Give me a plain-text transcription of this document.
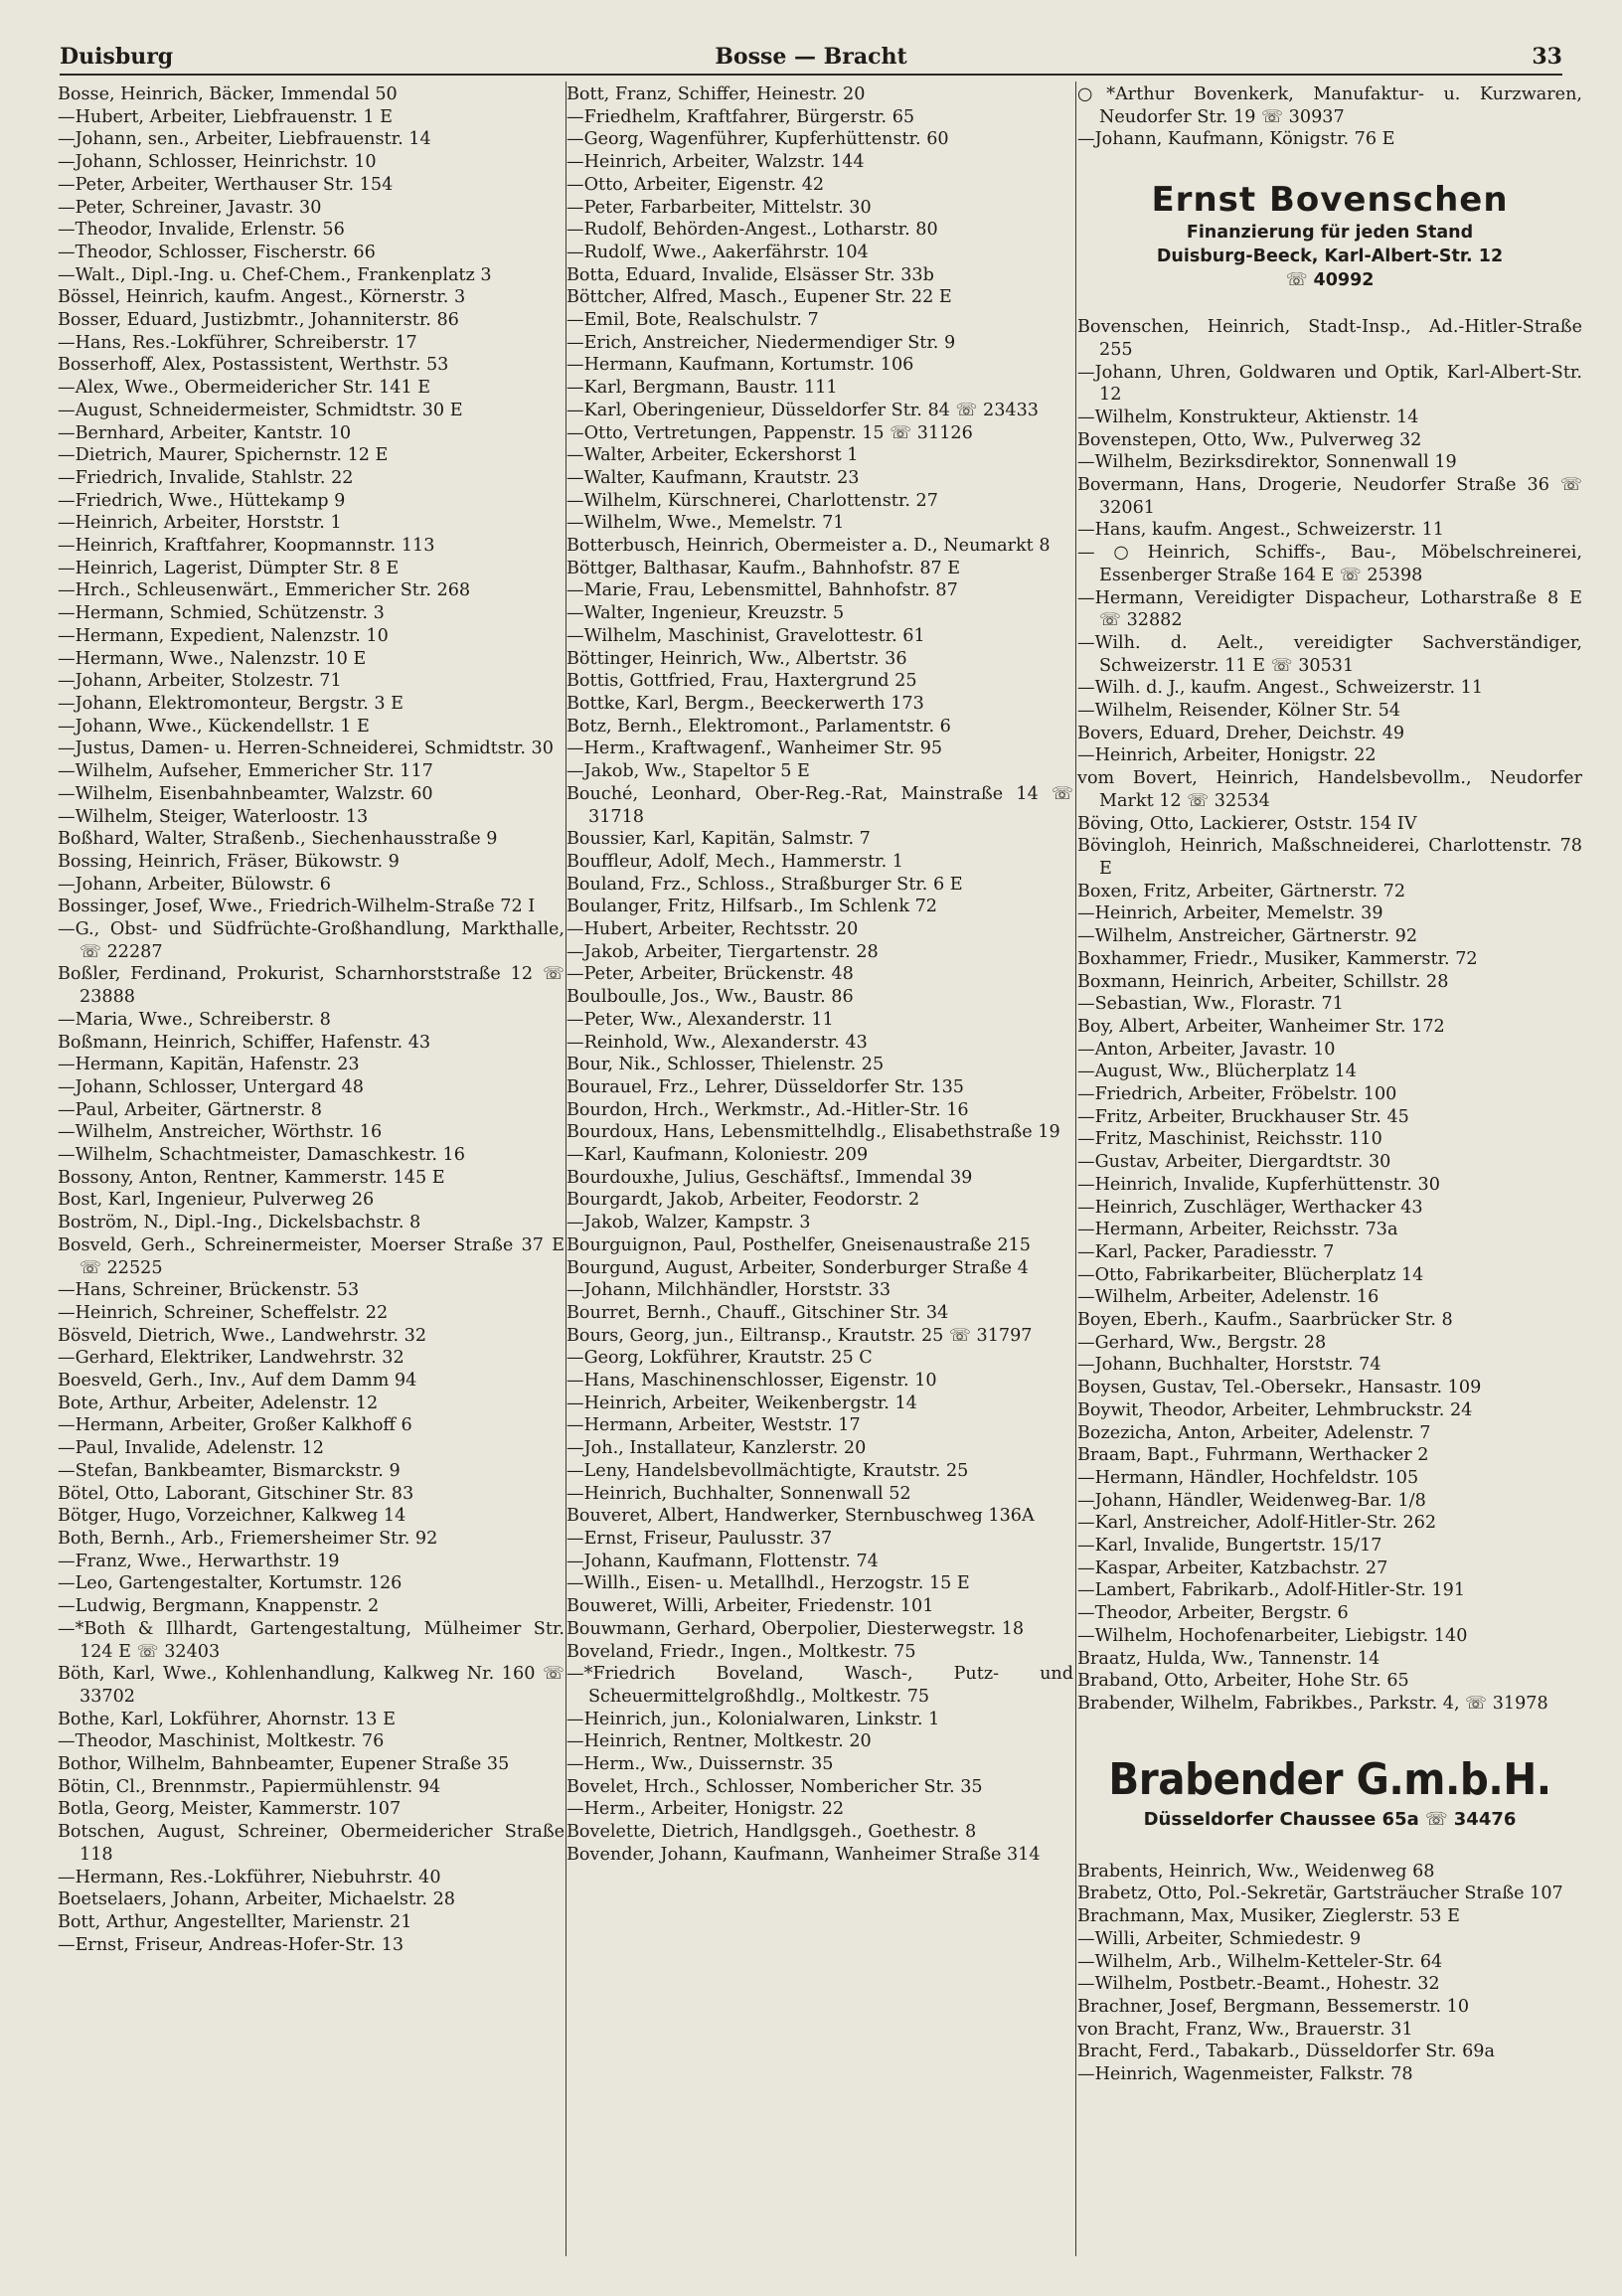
Duisburg	Bosse — Bracht	33
Bosse, Heinrich, Bäcker, Immendal 50
—Hubert, Arbeiter, Liebfrauenstr. 1 E
—Johann, sen., Arbeiter, Liebfrauenstr. 14
—Johann, Schlosser, Heinrichstr. 10
—Peter, Arbeiter, Werthauser Str. 154
—Peter, Schreiner, Javastr. 30
—Theodor, Invalide, Erlenstr. 56
—Theodor, Schlosser, Fischerstr. 66
—Walt., Dipl.-Ing. u. Chef-Chem., Frankenplatz 3
Bössel, Heinrich, kaufm. Angest., Körnerstr. 3
Bosser, Eduard, Justizbmtr., Johanniterstr. 86
—Hans, Res.-Lokführer, Schreiberstr. 17
Bosserhoff, Alex, Postassistent, Werthstr. 53
—Alex, Wwe., Obermeidericher Str. 141 E
—August, Schneidermeister, Schmidtstr. 30 E
—Bernhard, Arbeiter, Kantstr. 10
—Dietrich, Maurer, Spichernstr. 12 E
—Friedrich, Invalide, Stahlstr. 22
—Friedrich, Wwe., Hüttekamp 9
—Heinrich, Arbeiter, Horststr. 1
—Heinrich, Kraftfahrer, Koopmannstr. 113
—Heinrich, Lagerist, Dümpter Str. 8 E
—Hrch., Schleusenwärt., Emmericher Str. 268
—Hermann, Schmied, Schützenstr. 3
—Hermann, Expedient, Nalenzstr. 10
—Hermann, Wwe., Nalenzstr. 10 E
—Johann, Arbeiter, Stolzestr. 71
—Johann, Elektromonteur, Bergstr. 3 E
—Johann, Wwe., Kückendellstr. 1 E
—Justus, Damen- u. Herren-Schneiderei, Schmidtstr. 30
—Wilhelm, Aufseher, Emmericher Str. 117
—Wilhelm, Eisenbahnbeamter, Walzstr. 60
—Wilhelm, Steiger, Waterloostr. 13
Boßhard, Walter, Straßenb., Siechenhausstraße 9
Bossing, Heinrich, Fräser, Bükowstr. 9
—Johann, Arbeiter, Bülowstr. 6
Bossinger, Josef, Wwe., Friedrich-Wilhelm-Straße 72 I
—G., Obst- und Südfrüchte-Großhandlung, Markthalle, ☏ 22287
Boßler, Ferdinand, Prokurist, Scharnhorststraße 12 ☏ 23888
—Maria, Wwe., Schreiberstr. 8
Boßmann, Heinrich, Schiffer, Hafenstr. 43
—Hermann, Kapitän, Hafenstr. 23
—Johann, Schlosser, Untergard 48
—Paul, Arbeiter, Gärtnerstr. 8
—Wilhelm, Anstreicher, Wörthstr. 16
—Wilhelm, Schachtmeister, Damaschkestr. 16
Bossony, Anton, Rentner, Kammerstr. 145 E
Bost, Karl, Ingenieur, Pulverweg 26
Boström, N., Dipl.-Ing., Dickelsbachstr. 8
Bosveld, Gerh., Schreinermeister, Moerser Straße 37 E ☏ 22525
—Hans, Schreiner, Brückenstr. 53
—Heinrich, Schreiner, Scheffelstr. 22
Bösveld, Dietrich, Wwe., Landwehrstr. 32
—Gerhard, Elektriker, Landwehrstr. 32
Boesveld, Gerh., Inv., Auf dem Damm 94
Bote, Arthur, Arbeiter, Adelenstr. 12
—Hermann, Arbeiter, Großer Kalkhoff 6
—Paul, Invalide, Adelenstr. 12
—Stefan, Bankbeamter, Bismarckstr. 9
Bötel, Otto, Laborant, Gitschiner Str. 83
Bötger, Hugo, Vorzeichner, Kalkweg 14
Both, Bernh., Arb., Friemersheimer Str. 92
—Franz, Wwe., Herwarthstr. 19
—Leo, Gartengestalter, Kortumstr. 126
—Ludwig, Bergmann, Knappenstr. 2
—*Both & Illhardt, Gartengestaltung, Mülheimer Str. 124 E ☏ 32403
Böth, Karl, Wwe., Kohlenhandlung, Kalkweg Nr. 160 ☏ 33702
Bothe, Karl, Lokführer, Ahornstr. 13 E
—Theodor, Maschinist, Moltkestr. 76
Bothor, Wilhelm, Bahnbeamter, Eupener Straße 35
Bötin, Cl., Brennmstr., Papiermühlenstr. 94
Botla, Georg, Meister, Kammerstr. 107
Botschen, August, Schreiner, Obermeidericher Straße 118
—Hermann, Res.-Lokführer, Niebuhrstr. 40
Boetselaers, Johann, Arbeiter, Michaelstr. 28
Bott, Arthur, Angestellter, Marienstr. 21
—Ernst, Friseur, Andreas-Hofer-Str. 13
Bott, Franz, Schiffer, Heinestr. 20
—Friedhelm, Kraftfahrer, Bürgerstr. 65
—Georg, Wagenführer, Kupferhüttenstr. 60
—Heinrich, Arbeiter, Walzstr. 144
—Otto, Arbeiter, Eigenstr. 42
—Peter, Farbarbeiter, Mittelstr. 30
—Rudolf, Behörden-Angest., Lotharstr. 80
—Rudolf, Wwe., Aakerfährstr. 104
Botta, Eduard, Invalide, Elsässer Str. 33b
Böttcher, Alfred, Masch., Eupener Str. 22 E
—Emil, Bote, Realschulstr. 7
—Erich, Anstreicher, Niedermendiger Str. 9
—Hermann, Kaufmann, Kortumstr. 106
—Karl, Bergmann, Baustr. 111
—Karl, Oberingenieur, Düsseldorfer Str. 84 ☏ 23433
—Otto, Vertretungen, Pappenstr. 15 ☏ 31126
—Walter, Arbeiter, Eckershorst 1
—Walter, Kaufmann, Krautstr. 23
—Wilhelm, Kürschnerei, Charlottenstr. 27
—Wilhelm, Wwe., Memelstr. 71
Botterbusch, Heinrich, Obermeister a. D., Neumarkt 8
Böttger, Balthasar, Kaufm., Bahnhofstr. 87 E
—Marie, Frau, Lebensmittel, Bahnhofstr. 87
—Walter, Ingenieur, Kreuzstr. 5
—Wilhelm, Maschinist, Gravelottestr. 61
Böttinger, Heinrich, Ww., Albertstr. 36
Bottis, Gottfried, Frau, Haxtergrund 25
Bottke, Karl, Bergm., Beeckerwerth 173
Botz, Bernh., Elektromont., Parlamentstr. 6
—Herm., Kraftwagenf., Wanheimer Str. 95
—Jakob, Ww., Stapeltor 5 E
Bouché, Leonhard, Ober-Reg.-Rat, Mainstraße 14 ☏ 31718
Boussier, Karl, Kapitän, Salmstr. 7
Bouffleur, Adolf, Mech., Hammerstr. 1
Bouland, Frz., Schloss., Straßburger Str. 6 E
Boulanger, Fritz, Hilfsarb., Im Schlenk 72
—Hubert, Arbeiter, Rechtsstr. 20
—Jakob, Arbeiter, Tiergartenstr. 28
—Peter, Arbeiter, Brückenstr. 48
Boulboulle, Jos., Ww., Baustr. 86
—Peter, Ww., Alexanderstr. 11
—Reinhold, Ww., Alexanderstr. 43
Bour, Nik., Schlosser, Thielenstr. 25
Bourauel, Frz., Lehrer, Düsseldorfer Str. 135
Bourdon, Hrch., Werkmstr., Ad.-Hitler-Str. 16
Bourdoux, Hans, Lebensmittelhdlg., Elisabethstraße 19
—Karl, Kaufmann, Koloniestr. 209
Bourdouxhe, Julius, Geschäftsf., Immendal 39
Bourgardt, Jakob, Arbeiter, Feodorstr. 2
—Jakob, Walzer, Kampstr. 3
Bourguignon, Paul, Posthelfer, Gneisenaustraße 215
Bourgund, August, Arbeiter, Sonderburger Straße 4
—Johann, Milchhändler, Horststr. 33
Bourret, Bernh., Chauff., Gitschiner Str. 34
Bours, Georg, jun., Eiltransp., Krautstr. 25 ☏ 31797
—Georg, Lokführer, Krautstr. 25 C
—Hans, Maschinenschlosser, Eigenstr. 10
—Heinrich, Arbeiter, Weikenbergstr. 14
—Hermann, Arbeiter, Weststr. 17
—Joh., Installateur, Kanzlerstr. 20
—Leny, Handelsbevollmächtigte, Krautstr. 25
—Heinrich, Buchhalter, Sonnenwall 52
Bouveret, Albert, Handwerker, Sternbuschweg 136A
—Ernst, Friseur, Paulusstr. 37
—Johann, Kaufmann, Flottenstr. 74
—Willh., Eisen- u. Metallhdl., Herzogstr. 15 E
Bouweret, Willi, Arbeiter, Friedenstr. 101
Bouwmann, Gerhard, Oberpolier, Diesterwegstr. 18
Boveland, Friedr., Ingen., Moltkestr. 75
—*Friedrich Boveland, Wasch-, Putz- und Scheuermittelgroßhdlg., Moltkestr. 75
—Heinrich, jun., Kolonialwaren, Linkstr. 1
—Heinrich, Rentner, Moltkestr. 20
—Herm., Ww., Duissernstr. 35
Bovelet, Hrch., Schlosser, Nombericher Str. 35
—Herm., Arbeiter, Honigstr. 22
Bovelette, Dietrich, Handlgsgeh., Goethestr. 8
Bovender, Johann, Kaufmann, Wanheimer Straße 314
○*Arthur Bovenkerk, Manufaktur- u. Kurzwaren, Neudorfer Str. 19 ☏ 30937
—Johann, Kaufmann, Königstr. 76 E
Ernst Bovenschen
Finanzierung für jeden Stand
Duisburg-Beeck, Karl-Albert-Str. 12
☏ 40992
Bovenschen, Heinrich, Stadt-Insp., Ad.-Hitler-Straße 255
—Johann, Uhren, Goldwaren und Optik, Karl-Albert-Str. 12
—Wilhelm, Konstrukteur, Aktienstr. 14
Bovenstepen, Otto, Ww., Pulverweg 32
—Wilhelm, Bezirksdirektor, Sonnenwall 19
Bovermann, Hans, Drogerie, Neudorfer Straße 36 ☏ 32061
—Hans, kaufm. Angest., Schweizerstr. 11
—○Heinrich, Schiffs-, Bau-, Möbelschreinerei, Essenberger Straße 164 E ☏ 25398
—Hermann, Vereidigter Dispacheur, Lotharstraße 8 E ☏ 32882
—Wilh. d. Aelt., vereidigter Sachverständiger, Schweizerstr. 11 E ☏ 30531
—Wilh. d. J., kaufm. Angest., Schweizerstr. 11
—Wilhelm, Reisender, Kölner Str. 54
Bovers, Eduard, Dreher, Deichstr. 49
—Heinrich, Arbeiter, Honigstr. 22
vom Bovert, Heinrich, Handelsbevollm., Neudorfer Markt 12 ☏ 32534
Böving, Otto, Lackierer, Oststr. 154 IV
Bövingloh, Heinrich, Maßschneiderei, Charlottenstr. 78 E
Boxen, Fritz, Arbeiter, Gärtnerstr. 72
—Heinrich, Arbeiter, Memelstr. 39
—Wilhelm, Anstreicher, Gärtnerstr. 92
Boxhammer, Friedr., Musiker, Kammerstr. 72
Boxmann, Heinrich, Arbeiter, Schillstr. 28
—Sebastian, Ww., Florastr. 71
Boy, Albert, Arbeiter, Wanheimer Str. 172
—Anton, Arbeiter, Javastr. 10
—August, Ww., Blücherplatz 14
—Friedrich, Arbeiter, Fröbelstr. 100
—Fritz, Arbeiter, Bruckhauser Str. 45
—Fritz, Maschinist, Reichsstr. 110
—Gustav, Arbeiter, Diergardtstr. 30
—Heinrich, Invalide, Kupferhüttenstr. 30
—Heinrich, Zuschläger, Werthacker 43
—Hermann, Arbeiter, Reichsstr. 73a
—Karl, Packer, Paradiesstr. 7
—Otto, Fabrikarbeiter, Blücherplatz 14
—Wilhelm, Arbeiter, Adelenstr. 16
Boyen, Eberh., Kaufm., Saarbrücker Str. 8
—Gerhard, Ww., Bergstr. 28
—Johann, Buchhalter, Horststr. 74
Boysen, Gustav, Tel.-Obersekr., Hansastr. 109
Boywit, Theodor, Arbeiter, Lehmbruckstr. 24
Bozezicha, Anton, Arbeiter, Adelenstr. 7
Braam, Bapt., Fuhrmann, Werthacker 2
—Hermann, Händler, Hochfeldstr. 105
—Johann, Händler, Weidenweg-Bar. 1/8
—Karl, Anstreicher, Adolf-Hitler-Str. 262
—Karl, Invalide, Bungertstr. 15/17
—Kaspar, Arbeiter, Katzbachstr. 27
—Lambert, Fabrikarb., Adolf-Hitler-Str. 191
—Theodor, Arbeiter, Bergstr. 6
—Wilhelm, Hochofenarbeiter, Liebigstr. 140
Braatz, Hulda, Ww., Tannenstr. 14
Braband, Otto, Arbeiter, Hohe Str. 65
Brabender, Wilhelm, Fabrikbes., Parkstr. 4, ☏ 31978
Brabender G.m.b.H.
Düsseldorfer Chaussee 65a ☏ 34476
Brabents, Heinrich, Ww., Weidenweg 68
Brabetz, Otto, Pol.-Sekretär, Gartsträucher Straße 107
Brachmann, Max, Musiker, Zieglerstr. 53 E
—Willi, Arbeiter, Schmiedestr. 9
—Wilhelm, Arb., Wilhelm-Ketteler-Str. 64
—Wilhelm, Postbetr.-Beamt., Hohestr. 32
Brachner, Josef, Bergmann, Bessemerstr. 10
von Bracht, Franz, Ww., Brauerstr. 31
Bracht, Ferd., Tabakarb., Düsseldorfer Str. 69a
—Heinrich, Wagenmeister, Falkstr. 78
